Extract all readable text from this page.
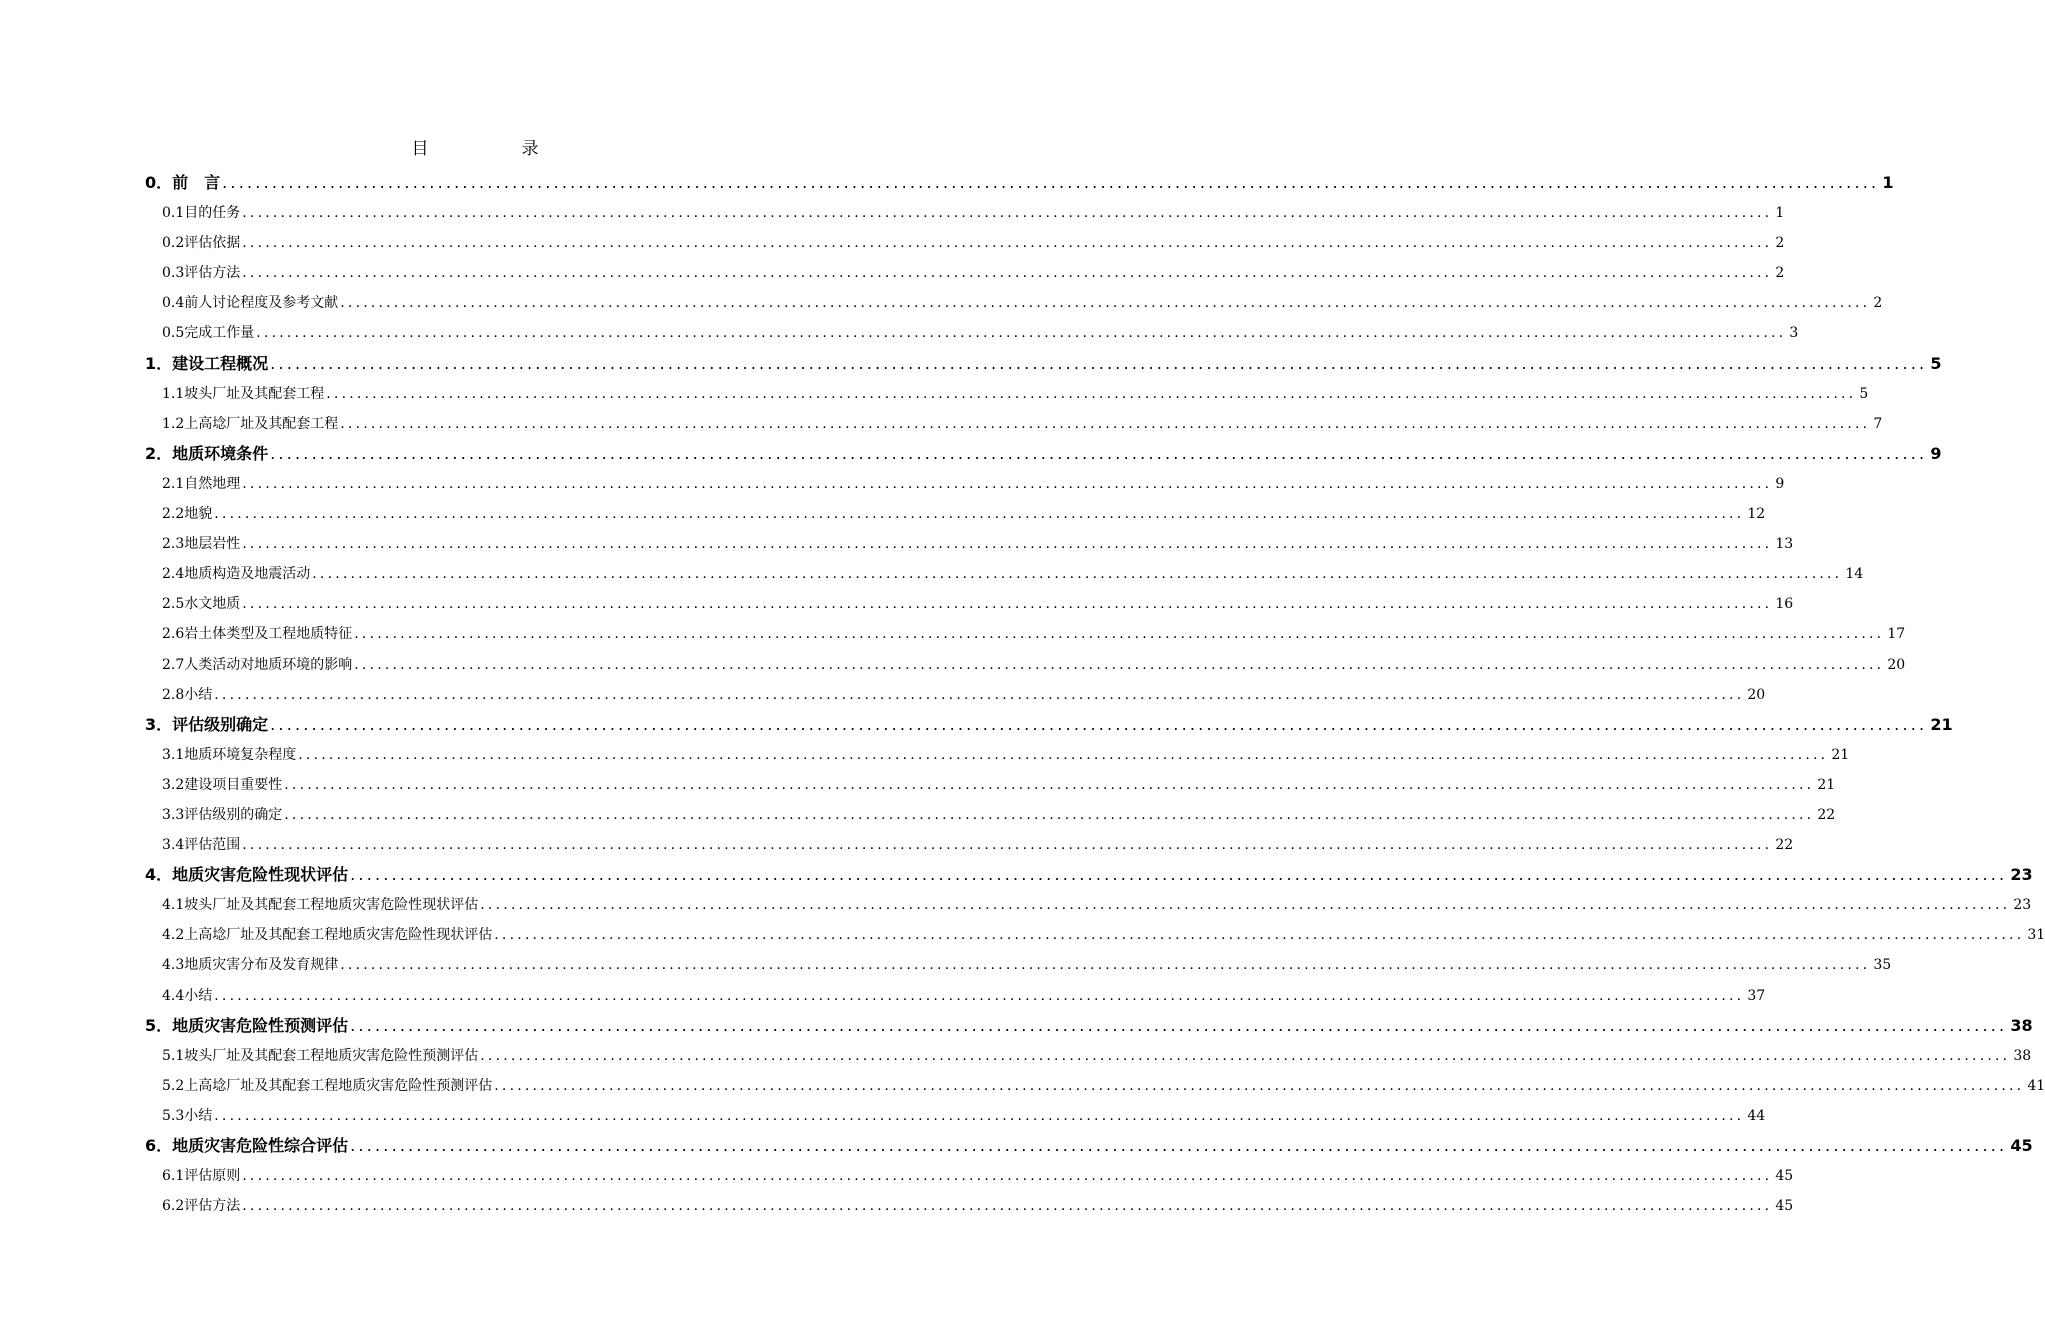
目　录
0．前　言 ........................................................................................................................................................................................................ 1
0.1目的任务 ........................................................................................................................................................................................................ 1
0.2评估依据 ........................................................................................................................................................................................................ 2
0.3评估方法 ........................................................................................................................................................................................................ 2
0.4前人讨论程度及参考文献 ........................................................................................................................................................................................................ 2
0.5完成工作量 ........................................................................................................................................................................................................ 3
1．建设工程概况 ........................................................................................................................................................................................................ 5
1.1坡头厂址及其配套工程 ........................................................................................................................................................................................................ 5
1.2上高埝厂址及其配套工程 ........................................................................................................................................................................................................ 7
2．地质环境条件 ........................................................................................................................................................................................................ 9
2.1自然地理 ........................................................................................................................................................................................................ 9
2.2地貌 ........................................................................................................................................................................................................ 12
2.3地层岩性 ........................................................................................................................................................................................................ 13
2.4地质构造及地震活动 ........................................................................................................................................................................................................ 14
2.5水文地质 ........................................................................................................................................................................................................ 16
2.6岩土体类型及工程地质特征 ........................................................................................................................................................................................................ 17
2.7人类活动对地质环境的影响 ........................................................................................................................................................................................................ 20
2.8小结 ........................................................................................................................................................................................................ 20
3．评估级别确定 ........................................................................................................................................................................................................ 21
3.1地质环境复杂程度 ........................................................................................................................................................................................................ 21
3.2建设项目重要性 ........................................................................................................................................................................................................ 21
3.3评估级别的确定 ........................................................................................................................................................................................................ 22
3.4评估范围 ........................................................................................................................................................................................................ 22
4．地质灾害危险性现状评估 ........................................................................................................................................................................................................ 23
4.1坡头厂址及其配套工程地质灾害危险性现状评估 ........................................................................................................................................................................................................ 23
4.2上高埝厂址及其配套工程地质灾害危险性现状评估 ........................................................................................................................................................................................................ 31
4.3地质灾害分布及发育规律 ........................................................................................................................................................................................................ 35
4.4小结 ........................................................................................................................................................................................................ 37
5．地质灾害危险性预测评估 ........................................................................................................................................................................................................ 38
5.1坡头厂址及其配套工程地质灾害危险性预测评估 ........................................................................................................................................................................................................ 38
5.2上高埝厂址及其配套工程地质灾害危险性预测评估 ........................................................................................................................................................................................................ 41
5.3小结 ........................................................................................................................................................................................................ 44
6．地质灾害危险性综合评估 ........................................................................................................................................................................................................ 45
6.1评估原则 ........................................................................................................................................................................................................ 45
6.2评估方法 ........................................................................................................................................................................................................ 45
